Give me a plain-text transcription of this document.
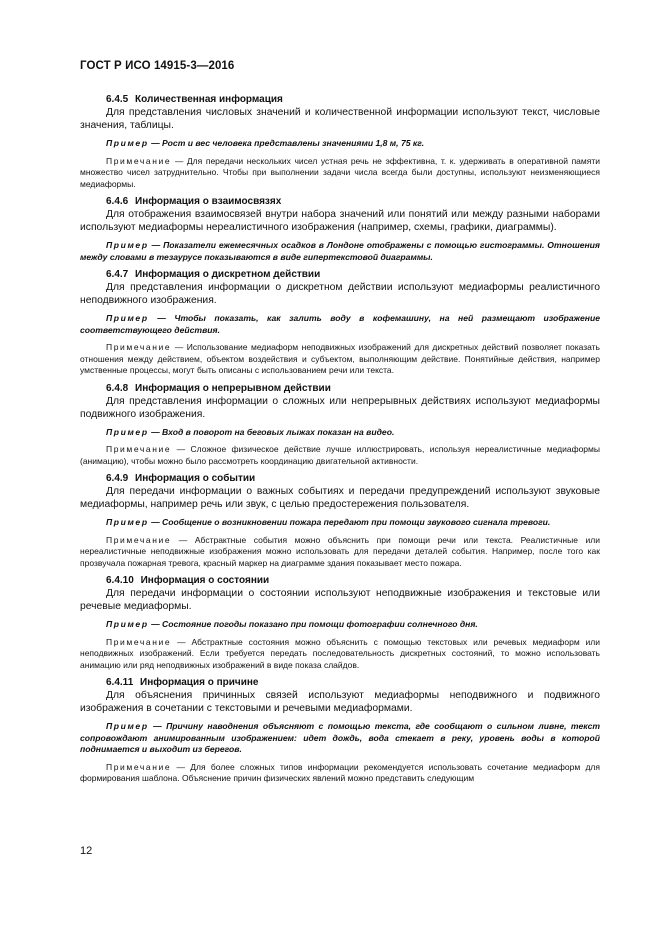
ГОСТ Р ИСО 14915-3—2016
6.4.5 Количественная информация

Для представления числовых значений и количественной информации используют текст, числовые значения, таблицы.

Пример — Рост и вес человека представлены значениями 1,8 м, 75 кг.

Примечание — Для передачи нескольких чисел устная речь не эффективна, т. к. удерживать в оперативной памяти множество чисел затруднительно. Чтобы при выполнении задачи числа всегда были доступны, используют неизменяющиеся медиаформы.

6.4.6 Информация о взаимосвязях

Для отображения взаимосвязей внутри набора значений или понятий или между разными наборами используют медиаформы нереалистичного изображения (например, схемы, графики, диаграммы).

Пример — Показатели ежемесячных осадков в Лондоне отображены с помощью гистограммы. Отношения между словами в тезаурусе показываются в виде гипертекстовой диаграммы.

6.4.7 Информация о дискретном действии

Для представления информации о дискретном действии используют медиаформы реалистичного неподвижного изображения.

Пример — Чтобы показать, как залить воду в кофемашину, на ней размещают изображение соответствующего действия.

Примечание — Использование медиаформ неподвижных изображений для дискретных действий позволяет показать отношения между действием, объектом воздействия и субъектом, выполняющим действие. Понятийные действия, например умственные процессы, могут быть описаны с использованием речи или текста.

6.4.8 Информация о непрерывном действии

Для представления информации о сложных или непрерывных действиях используют медиаформы подвижного изображения.

Пример — Вход в поворот на беговых лыжах показан на видео.

Примечание — Сложное физическое действие лучше иллюстрировать, используя нереалистичные медиаформы (анимацию), чтобы можно было рассмотреть координацию двигательной активности.

6.4.9 Информация о событии

Для передачи информации о важных событиях и передачи предупреждений используют звуковые медиаформы, например речь или звук, с целью предостережения пользователя.

Пример — Сообщение о возникновении пожара передают при помощи звукового сигнала тревоги.

Примечание — Абстрактные события можно объяснить при помощи речи или текста. Реалистичные или нереалистичные неподвижные изображения можно использовать для передачи деталей события. Например, после того как прозвучала пожарная тревога, красный маркер на диаграмме здания показывает место пожара.

6.4.10 Информация о состоянии

Для передачи информации о состоянии используют неподвижные изображения и текстовые или речевые медиаформы.

Пример — Состояние погоды показано при помощи фотографии солнечного дня.

Примечание — Абстрактные состояния можно объяснить с помощью текстовых или речевых медиаформ или неподвижных изображений. Если требуется передать последовательность дискретных состояний, то можно использовать анимацию или ряд неподвижных изображений в виде показа слайдов.

6.4.11 Информация о причине

Для объяснения причинных связей используют медиаформы неподвижного и подвижного изображения в сочетании с текстовыми и речевыми медиаформами.

Пример — Причину наводнения объясняют с помощью текста, где сообщают о сильном ливне, текст сопровождают анимированным изображением: идет дождь, вода стекает в реку, уровень воды в которой поднимается и выходит из берегов.

Примечание — Для более сложных типов информации рекомендуется использовать сочетание медиаформ для формирования шаблона. Объяснение причин физических явлений можно представить следующим

12
